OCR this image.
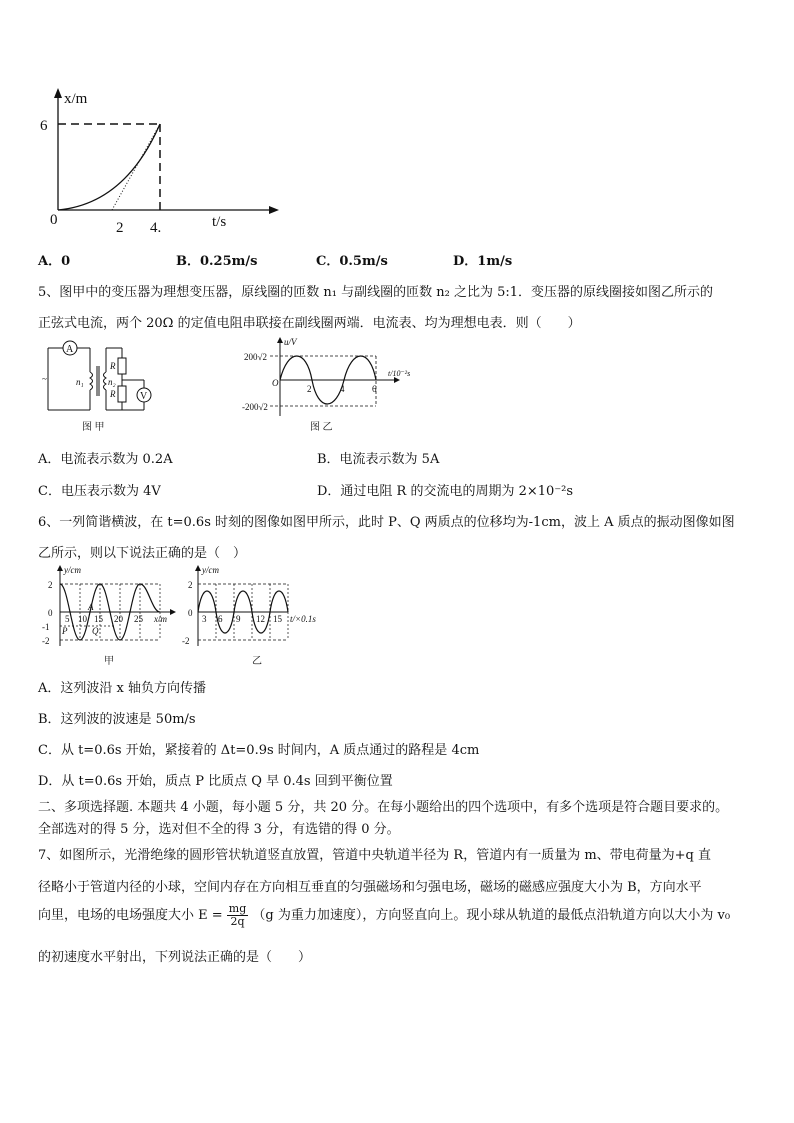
x/m
6
0	2 4.	t/s
A．0	B．0.25m/s	C．0.5m/s	D．1m/s
5、图甲中的变压器为理想变压器，原线圈的匝数 n₁ 与副线圈的匝数 n₂ 之比为 5:1．变压器的原线圈接如图乙所示的
正弦式电流，两个 20Ω 的定值电阻串联接在副线圈两端．电流表、均为理想电表．则（　　）
A
~	n₁	n₂
R
R V
图 甲
u/V
200√2
O
-200√2
2	4	6
t/10⁻²s
图 乙
A．电流表示数为 0.2A	B．电流表示数为 5A
C．电压表示数为 4V	D．通过电阻 R 的交流电的周期为 2×10⁻²s
6、一列简谐横波，在 t=0.6s 时刻的图像如图甲所示，此时 P、Q 两质点的位移均为-1cm，波上 A 质点的振动图像如图
乙所示，则以下说法正确的是（　）
y/cm
2
0
-1
-2
5 10 15 20 25 x/m
A
P	Q
甲
y/cm
2
0
-2
3 6 9 12 15 t/×0.1s
乙
A．这列波沿 x 轴负方向传播
B．这列波的波速是 50m/s
C．从 t=0.6s 开始，紧接着的 Δt=0.9s 时间内，A 质点通过的路程是 4cm
D．从 t=0.6s 开始，质点 P 比质点 Q 早 0.4s 回到平衡位置
二、多项选择题. 本题共 4 小题，每小题 5 分，共 20 分。在每小题给出的四个选项中，有多个选项是符合题目要求的。
全部选对的得 5 分，选对但不全的得 3 分，有选错的得 0 分。
7、如图所示，光滑绝缘的圆形管状轨道竖直放置，管道中央轨道半径为 R，管道内有一质量为 m、带电荷量为+q 直
径略小于管道内径的小球，空间内存在方向相互垂直的匀强磁场和匀强电场，磁场的磁感应强度大小为 B，方向水平
向里，电场的电场强度大小 $E = \frac{mg}{2q} (g$ 为重力加速度），方向竖直向上。现小球从轨道的最低点沿轨道方向以大小为 v₀
的初速度水平射出，下列说法正确的是（　　）
